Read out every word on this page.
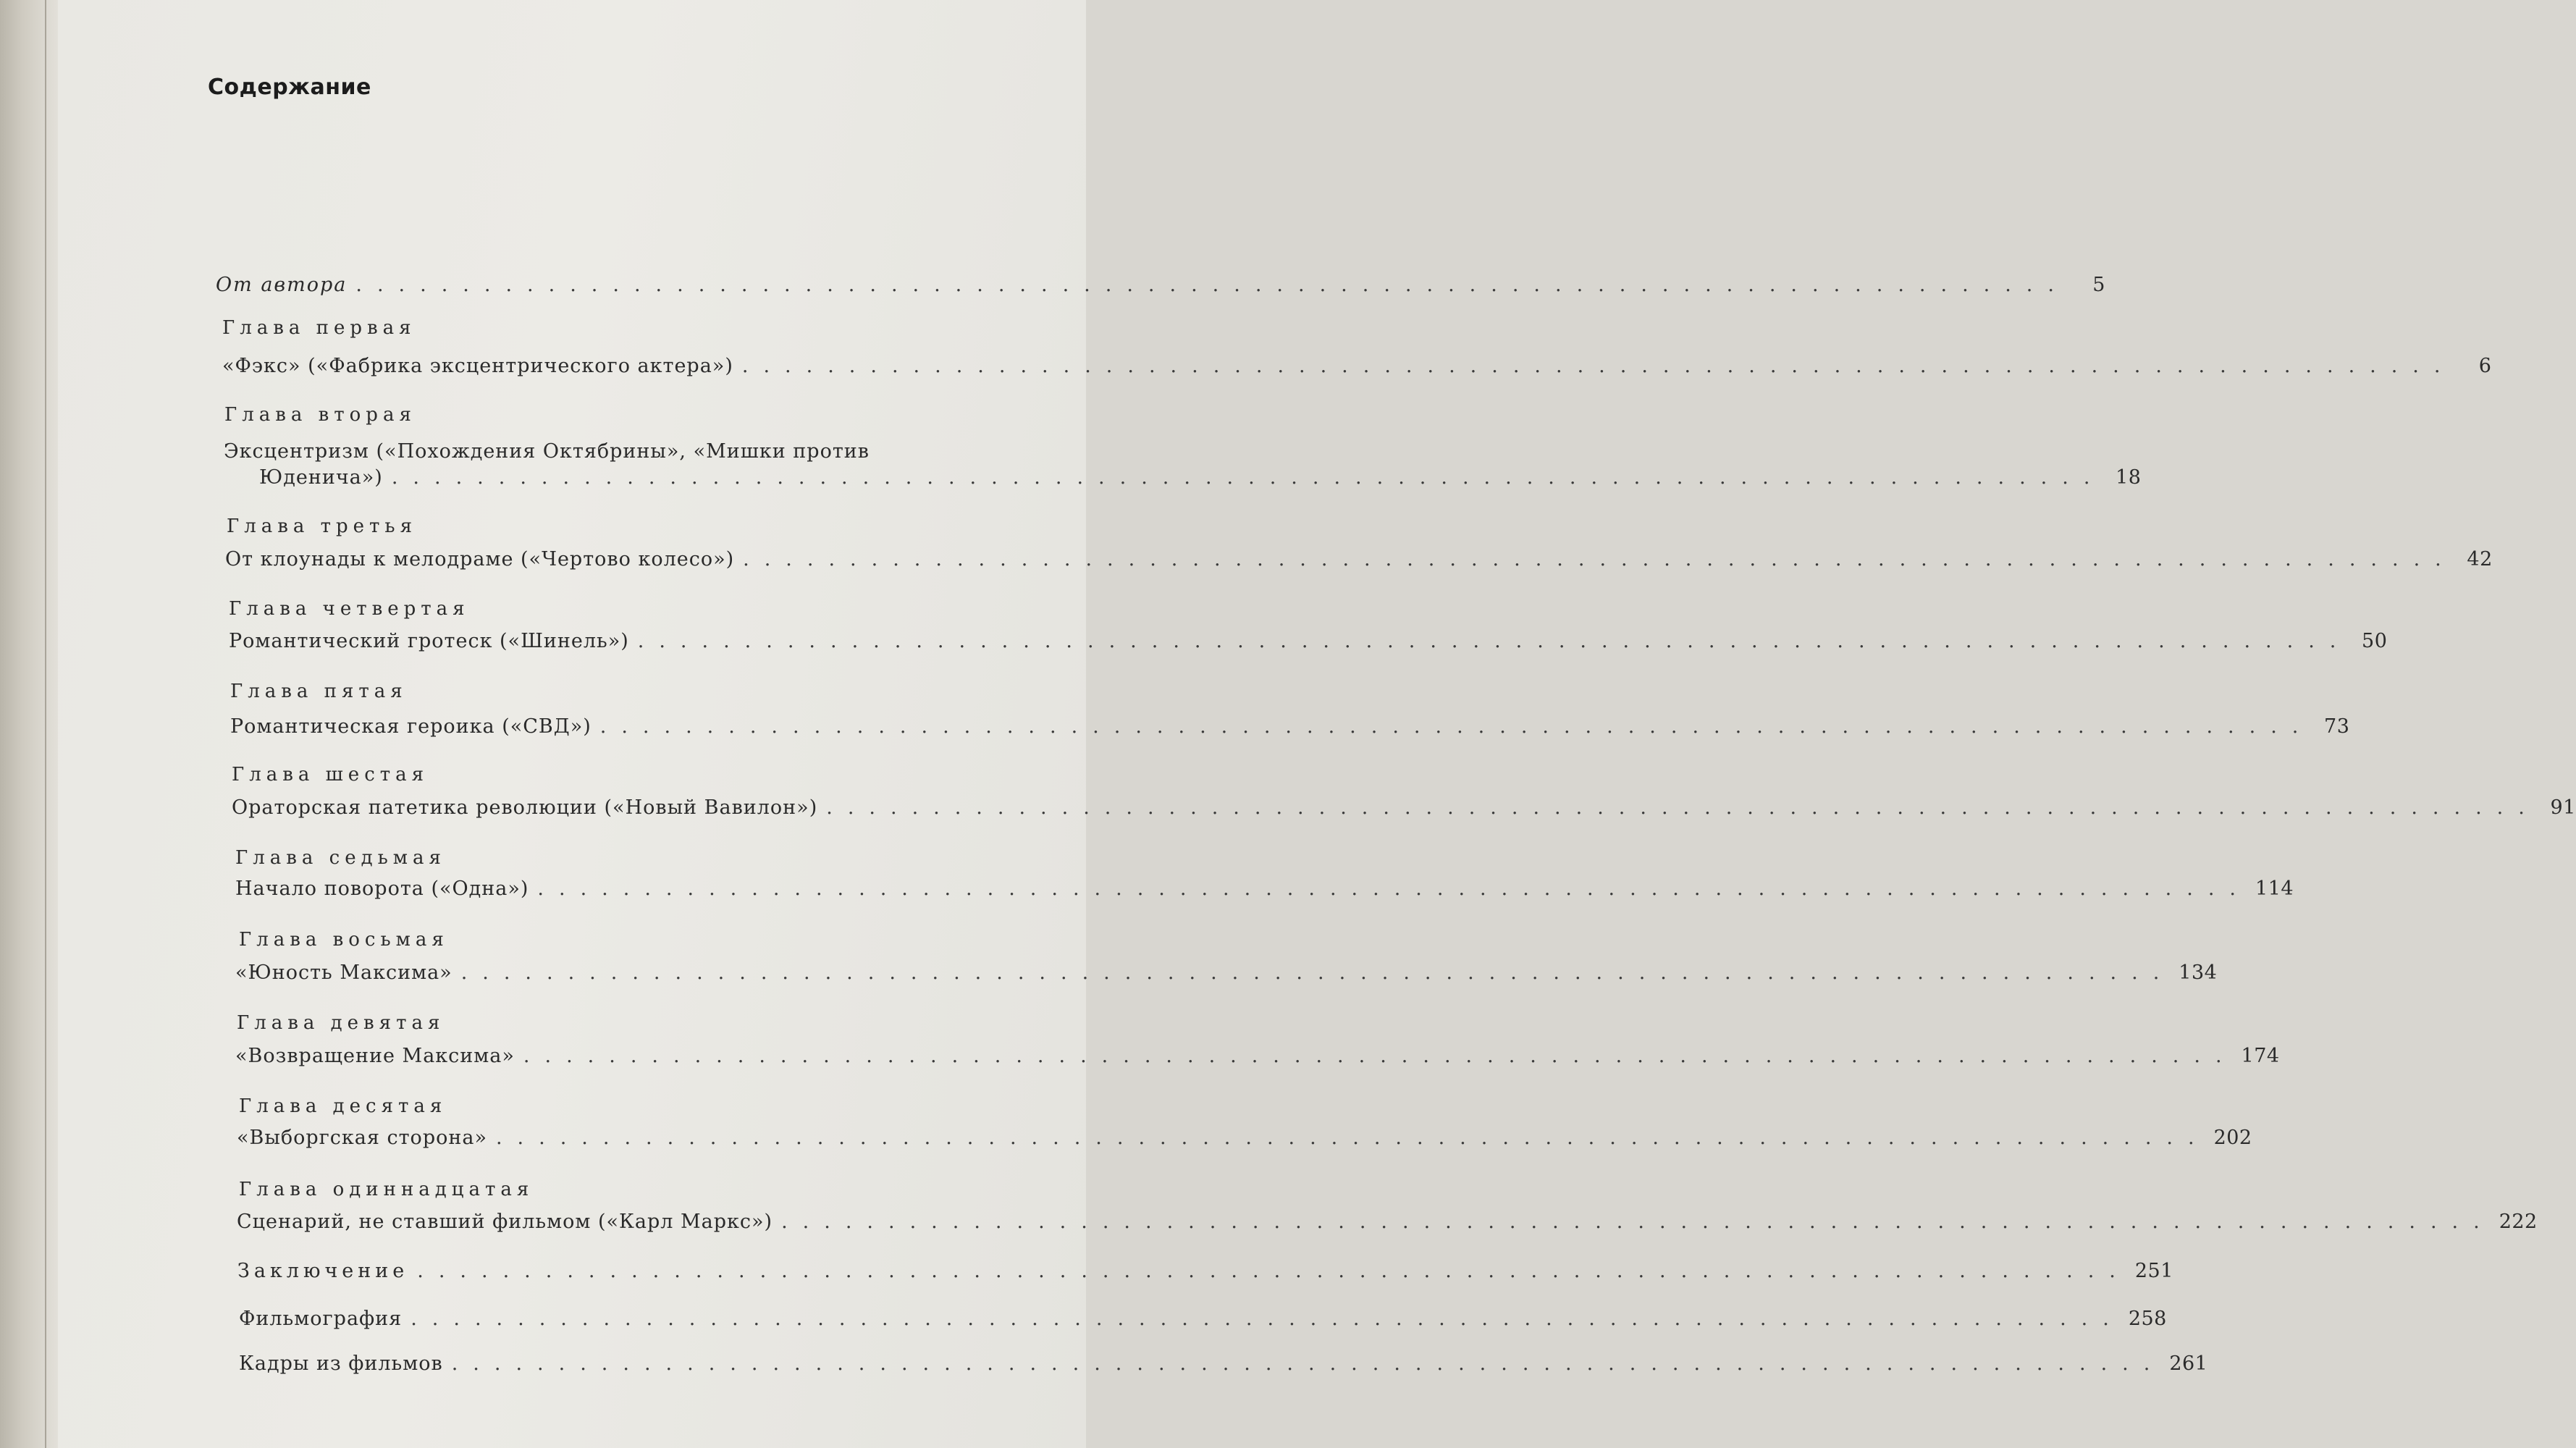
Содержание
От автора ................................................................................	5
Глава первая
«Фэкс» («Фабрика эксцентрического актера») ................................................................................	6
Глава вторая
Эксцентризм («Похождения Октябрины», «Мишки против
Юденича») ................................................................................ 18
Глава третья
От клоунады к мелодраме («Чертово колесо») ................................................................................ 42
Глава четвертая
Романтический гротеск («Шинель») ................................................................................ 50
Глава пятая
Романтическая героика («СВД») ................................................................................ 73
Глава шестая
Ораторская патетика революции («Новый Вавилон») ................................................................................ 91
Глава седьмая
Начало поворота («Одна») ................................................................................ 114
Глава восьмая
«Юность Максима» ................................................................................ 134
Глава девятая
«Возвращение Максима» ................................................................................ 174
Глава десятая
«Выборгская сторона» ................................................................................ 202
Глава одиннадцатая
Сценарий, не ставший фильмом («Карл Маркс») ................................................................................ 222
Заключение ................................................................................ 251
Фильмография ................................................................................ 258
Кадры из фильмов ................................................................................ 261
